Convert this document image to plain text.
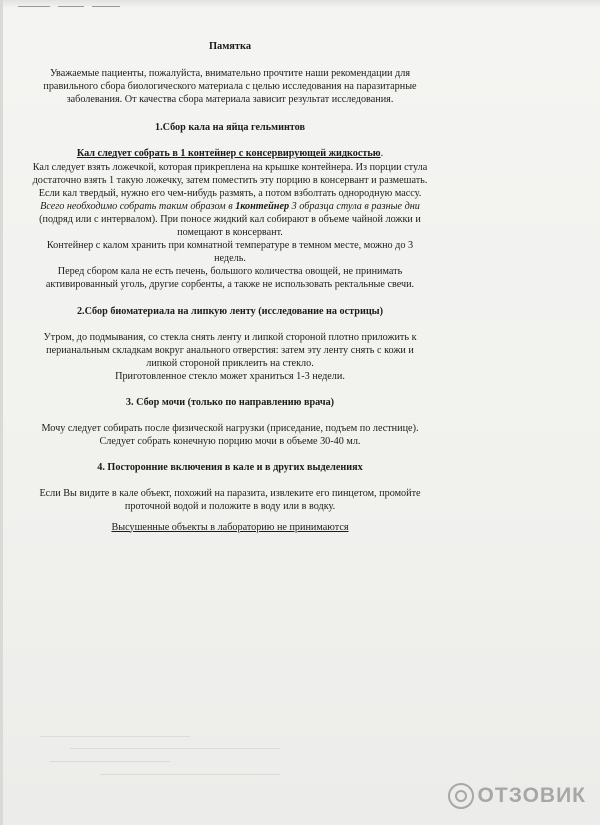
Памятка
Уважаемые пациенты, пожалуйста, внимательно прочтите наши рекомендации для правильного сбора биологического материала с целью исследования на паразитарные заболевания. От качества сбора материала зависит результат исследования.
1.Сбор кала на яйца гельминтов
Кал следует собрать в 1 контейнер с консервирующей жидкостью.
Кал следует взять ложечкой, которая прикреплена на крышке контейнера. Из порции стула достаточно взять 1 такую ложечку, затем поместить эту порцию в консервант и размешать. Если кал твердый, нужно его чем-нибудь размять, а потом взболтать однородную массу.
Всего необходимо собрать таким образом в 1контейнер 3 образца стула в разные дни (подряд или с интервалом). При поносе жидкий кал собирают в объеме чайной ложки и помещают в консервант.
Контейнер с калом хранить при комнатной температуре в темном месте, можно до 3 недель.
Перед сбором кала не есть печень, большого количества овощей, не принимать активированный уголь, другие сорбенты, а также не использовать ректальные свечи.
2.Сбор биоматериала на липкую ленту (исследование на острицы)
Утром, до подмывания, со стекла снять ленту и липкой стороной плотно приложить к перианальным складкам вокруг анального отверстия: затем эту ленту снять с кожи и липкой стороной приклеить на стекло.
Приготовленное стекло может храниться 1-3 недели.
3. Сбор мочи (только по направлению врача)
Мочу следует собирать после физической нагрузки (приседание, подъем по лестнице). Следует собрать конечную порцию мочи в объеме 30-40 мл.
4. Посторонние включения в кале и в других выделениях
Если Вы видите в кале объект, похожий на паразита, извлеките его пинцетом, промойте проточной водой и положите в воду или в водку.
Высушенные объекты в лабораторию не принимаются
ОТЗОВИК
